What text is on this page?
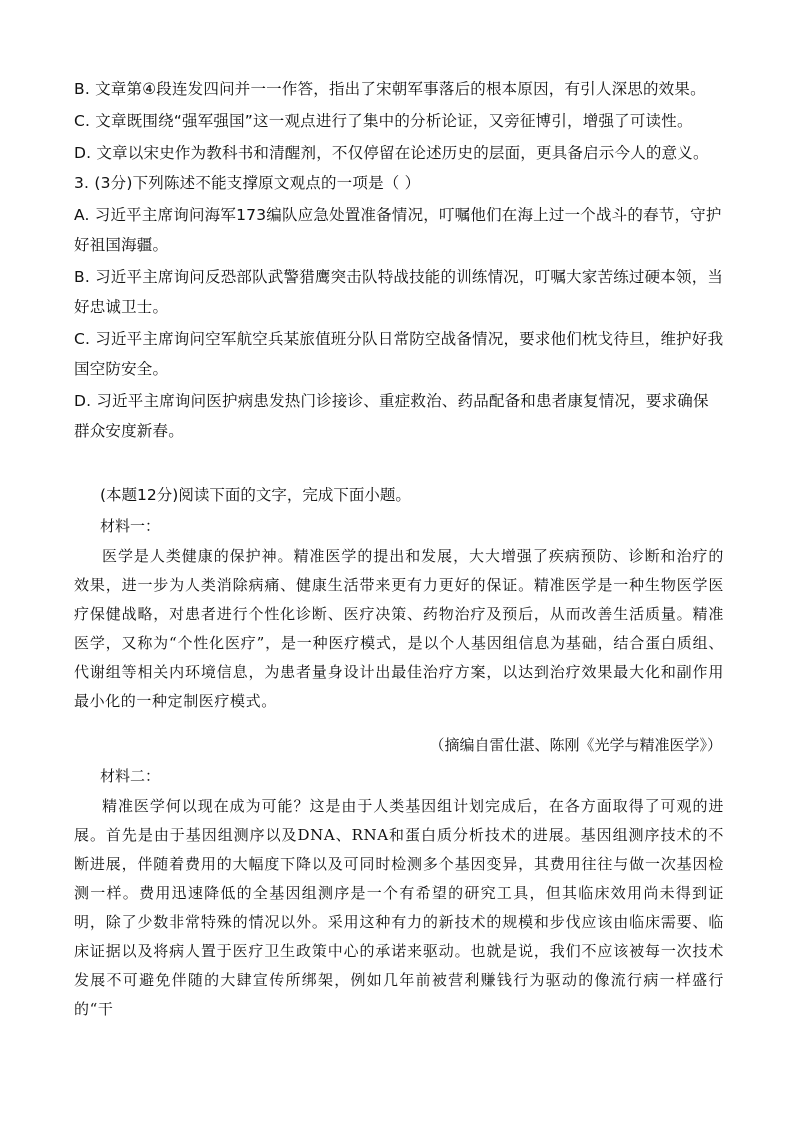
B. 文章第④段连发四问并一一作答，指出了宋朝军事落后的根本原因，有引人深思的效果。

C. 文章既围绕“强军强国”这一观点进行了集中的分析论证，又旁征博引，增强了可读性。

D. 文章以宋史作为教科书和清醒剂，不仅停留在论述历史的层面，更具备启示今人的意义。

3. (3分)下列陈述不能支撑原文观点的一项是（ ）

A. 习近平主席询问海军173编队应急处置准备情况，叮嘱他们在海上过一个战斗的春节，守护好祖国海疆。

B. 习近平主席询问反恐部队武警猎鹰突击队特战技能的训练情况，叮嘱大家苦练过硬本领，当好忠诚卫士。

C. 习近平主席询问空军航空兵某旅值班分队日常防空战备情况，要求他们枕戈待旦，维护好我国空防安全。

D. 习近平主席询问医护病患发热门诊接诊、重症救治、药品配备和患者康复情况，要求确保群众安度新春。

(本题12分)阅读下面的文字，完成下面小题。

材料一：

医学是人类健康的保护神。精准医学的提出和发展，大大增强了疾病预防、诊断和治疗的效果，进一步为人类消除病痛、健康生活带来更有力更好的保证。精准医学是一种生物医学医疗保健战略，对患者进行个性化诊断、医疗决策、药物治疗及预后，从而改善生活质量。精准医学，又称为“个性化医疗”，是一种医疗模式，是以个人基因组信息为基础，结合蛋白质组、代谢组等相关内环境信息，为患者量身设计出最佳治疗方案，以达到治疗效果最大化和副作用最小化的一种定制医疗模式。

（摘编自雷仕湛、陈刚《光学与精准医学》）

材料二：

精准医学何以现在成为可能？这是由于人类基因组计划完成后，在各方面取得了可观的进展。首先是由于基因组测序以及DNA、RNA和蛋白质分析技术的进展。基因组测序技术的不断进展，伴随着费用的大幅度下降以及可同时检测多个基因变异，其费用往往与做一次基因检测一样。费用迅速降低的全基因组测序是一个有希望的研究工具，但其临床效用尚未得到证明，除了少数非常特殊的情况以外。采用这种有力的新技术的规模和步伐应该由临床需要、临床证据以及将病人置于医疗卫生政策中心的承诺来驱动。也就是说，我们不应该被每一次技术发展不可避免伴随的大肆宣传所绑架，例如几年前被营利赚钱行为驱动的像流行病一样盛行的“干
